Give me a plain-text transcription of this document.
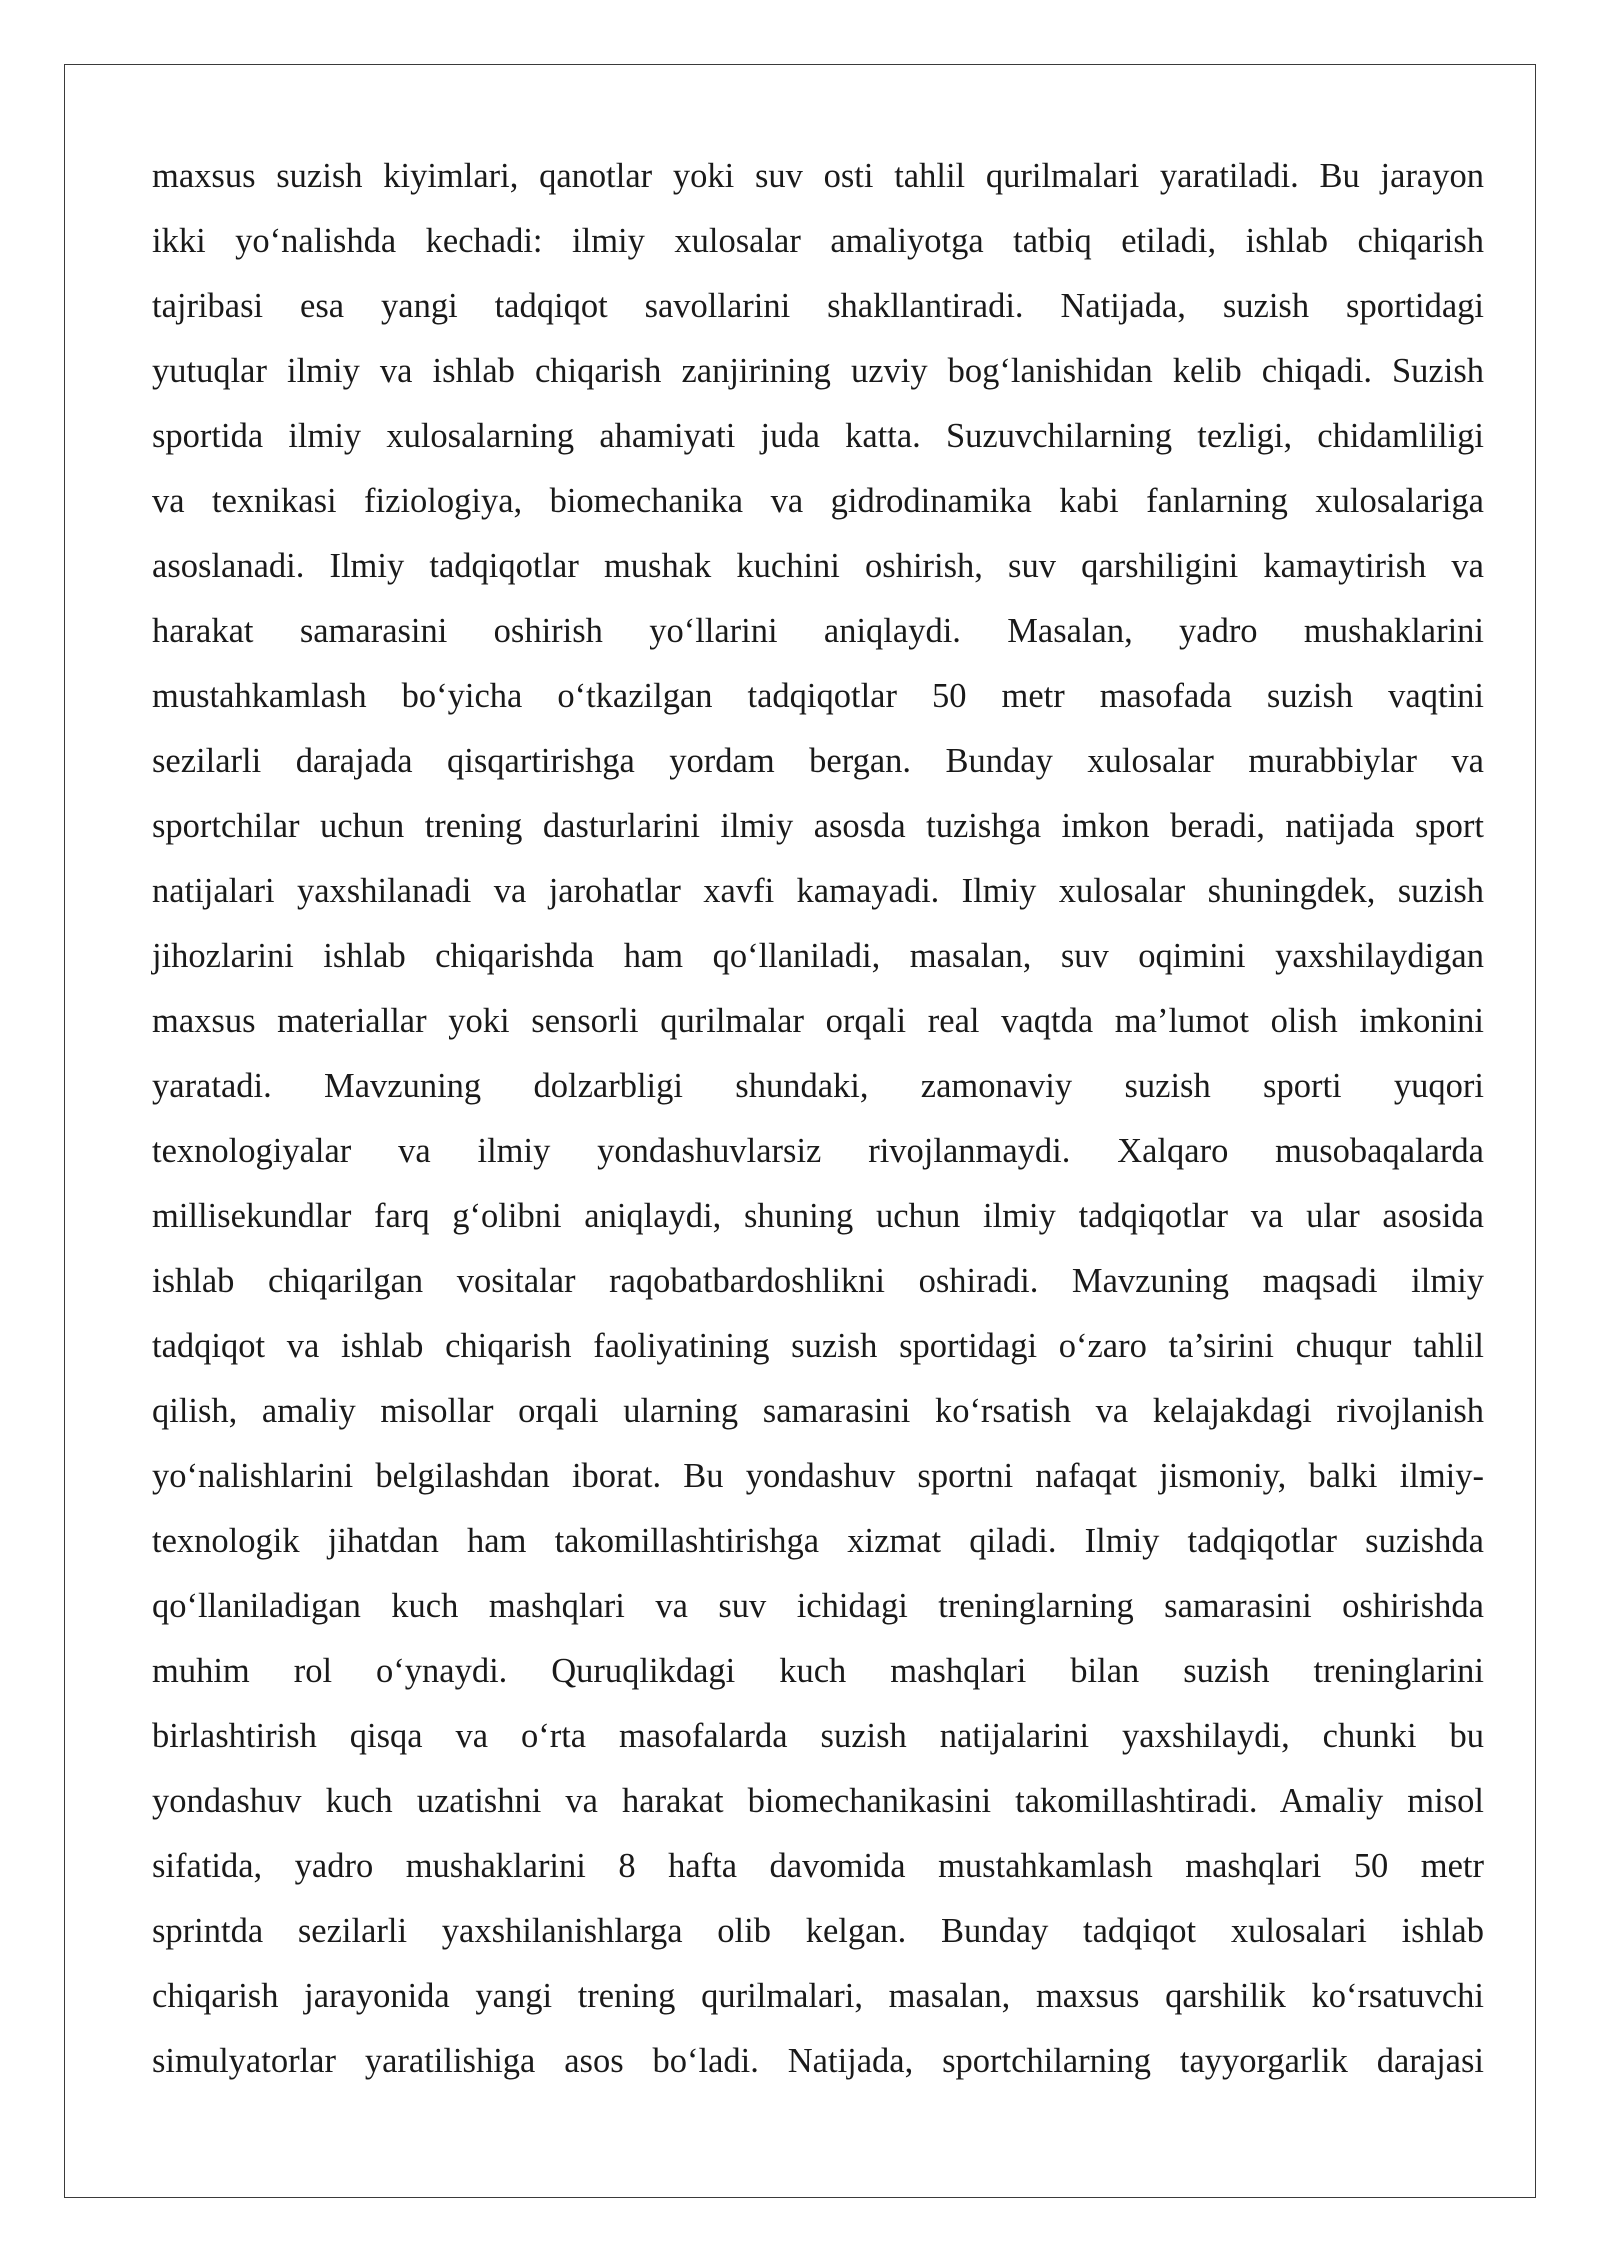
maxsus suzish kiyimlari, qanotlar yoki suv osti tahlil qurilmalari yaratiladi. Bu jarayon
ikki yo‘nalishda kechadi: ilmiy xulosalar amaliyotga tatbiq etiladi, ishlab chiqarish
tajribasi esa yangi tadqiqot savollarini shakllantiradi. Natijada, suzish sportidagi
yutuqlar ilmiy va ishlab chiqarish zanjirining uzviy bog‘lanishidan kelib chiqadi. Suzish
sportida ilmiy xulosalarning ahamiyati juda katta. Suzuvchilarning tezligi, chidamliligi
va texnikasi fiziologiya, biomechanika va gidrodinamika kabi fanlarning xulosalariga
asoslanadi. Ilmiy tadqiqotlar mushak kuchini oshirish, suv qarshiligini kamaytirish va
harakat samarasini oshirish yo‘llarini aniqlaydi. Masalan, yadro mushaklarini
mustahkamlash bo‘yicha o‘tkazilgan tadqiqotlar 50 metr masofada suzish vaqtini
sezilarli darajada qisqartirishga yordam bergan. Bunday xulosalar murabbiylar va
sportchilar uchun trening dasturlarini ilmiy asosda tuzishga imkon beradi, natijada sport
natijalari yaxshilanadi va jarohatlar xavfi kamayadi. Ilmiy xulosalar shuningdek, suzish
jihozlarini ishlab chiqarishda ham qo‘llaniladi, masalan, suv oqimini yaxshilaydigan
maxsus materiallar yoki sensorli qurilmalar orqali real vaqtda ma’lumot olish imkonini
yaratadi. Mavzuning dolzarbligi shundaki, zamonaviy suzish sporti yuqori
texnologiyalar va ilmiy yondashuvlarsiz rivojlanmaydi. Xalqaro musobaqalarda
millisekundlar farq g‘olibni aniqlaydi, shuning uchun ilmiy tadqiqotlar va ular asosida
ishlab chiqarilgan vositalar raqobatbardoshlikni oshiradi. Mavzuning maqsadi ilmiy
tadqiqot va ishlab chiqarish faoliyatining suzish sportidagi o‘zaro ta’sirini chuqur tahlil
qilish, amaliy misollar orqali ularning samarasini ko‘rsatish va kelajakdagi rivojlanish
yo‘nalishlarini belgilashdan iborat. Bu yondashuv sportni nafaqat jismoniy, balki ilmiy-
texnologik jihatdan ham takomillashtirishga xizmat qiladi. Ilmiy tadqiqotlar suzishda
qo‘llaniladigan kuch mashqlari va suv ichidagi treninglarning samarasini oshirishda
muhim rol o‘ynaydi. Quruqlikdagi kuch mashqlari bilan suzish treninglarini
birlashtirish qisqa va o‘rta masofalarda suzish natijalarini yaxshilaydi, chunki bu
yondashuv kuch uzatishni va harakat biomechanikasini takomillashtiradi. Amaliy misol
sifatida, yadro mushaklarini 8 hafta davomida mustahkamlash mashqlari 50 metr
sprintda sezilarli yaxshilanishlarga olib kelgan. Bunday tadqiqot xulosalari ishlab
chiqarish jarayonida yangi trening qurilmalari, masalan, maxsus qarshilik ko‘rsatuvchi
simulyatorlar yaratilishiga asos bo‘ladi. Natijada, sportchilarning tayyorgarlik darajasi
